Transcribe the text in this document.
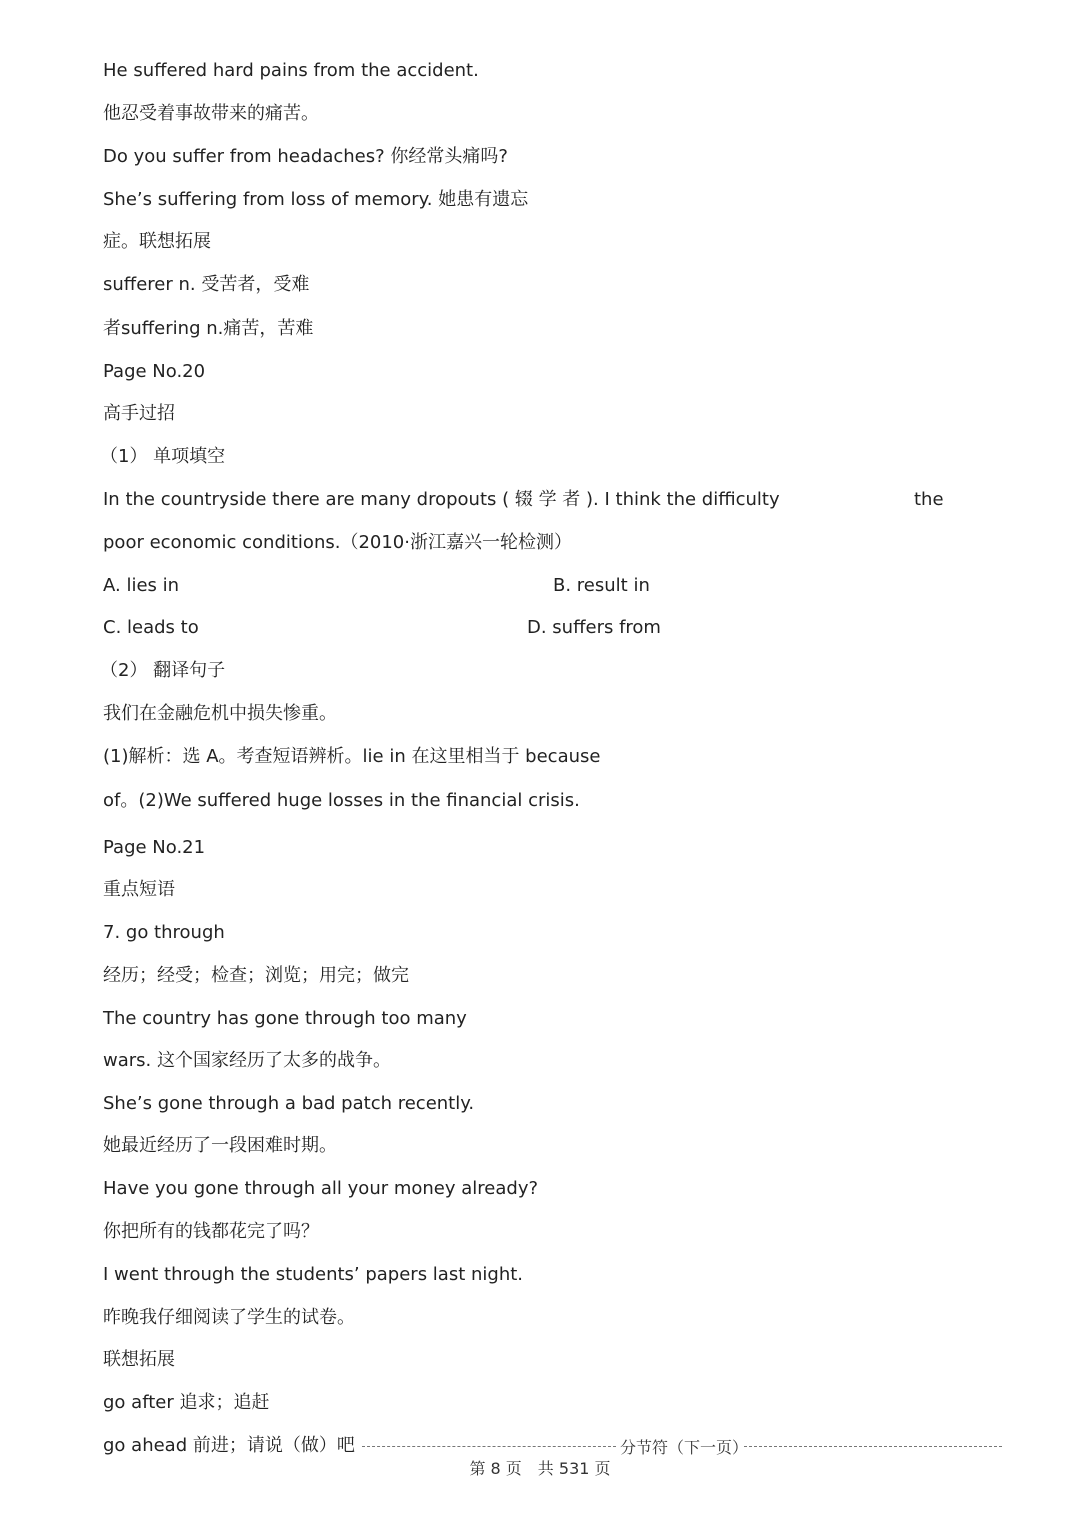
He suffered hard pains from the accident.
他忍受着事故带来的痛苦。
Do you suffer from headaches? 你经常头痛吗?
She’s suffering from loss of memory. 她患有遗忘
症。联想拓展
sufferer n. 受苦者，受难
者suffering n.痛苦，苦难
Page No.20
高手过招
（1） 单项填空
In the countryside there are many dropouts ( 辍 学 者 ). I think the difficulty	the
poor economic conditions.（2010·浙江嘉兴一轮检测）
A. lies in	B. result in
C. leads to	D. suffers from
（2） 翻译句子
我们在金融危机中损失惨重。
(1)解析：选 A。考查短语辨析。lie in 在这里相当于 because
of。(2)We suffered huge losses in the financial crisis.
Page No.21
重点短语
7. go through
经历；经受；检查；浏览；用完；做完
The country has gone through too many
wars. 这个国家经历了太多的战争。
She’s gone through a bad patch recently.
她最近经历了一段困难时期。
Have you gone through all your money already?
你把所有的钱都花完了吗？
I went through the students’ papers last night.
昨晚我仔细阅读了学生的试卷。
联想拓展
go after 追求；追赶
go ahead 前进；请说（做）吧	分节符（下一页）
第 8 页　共 531 页
